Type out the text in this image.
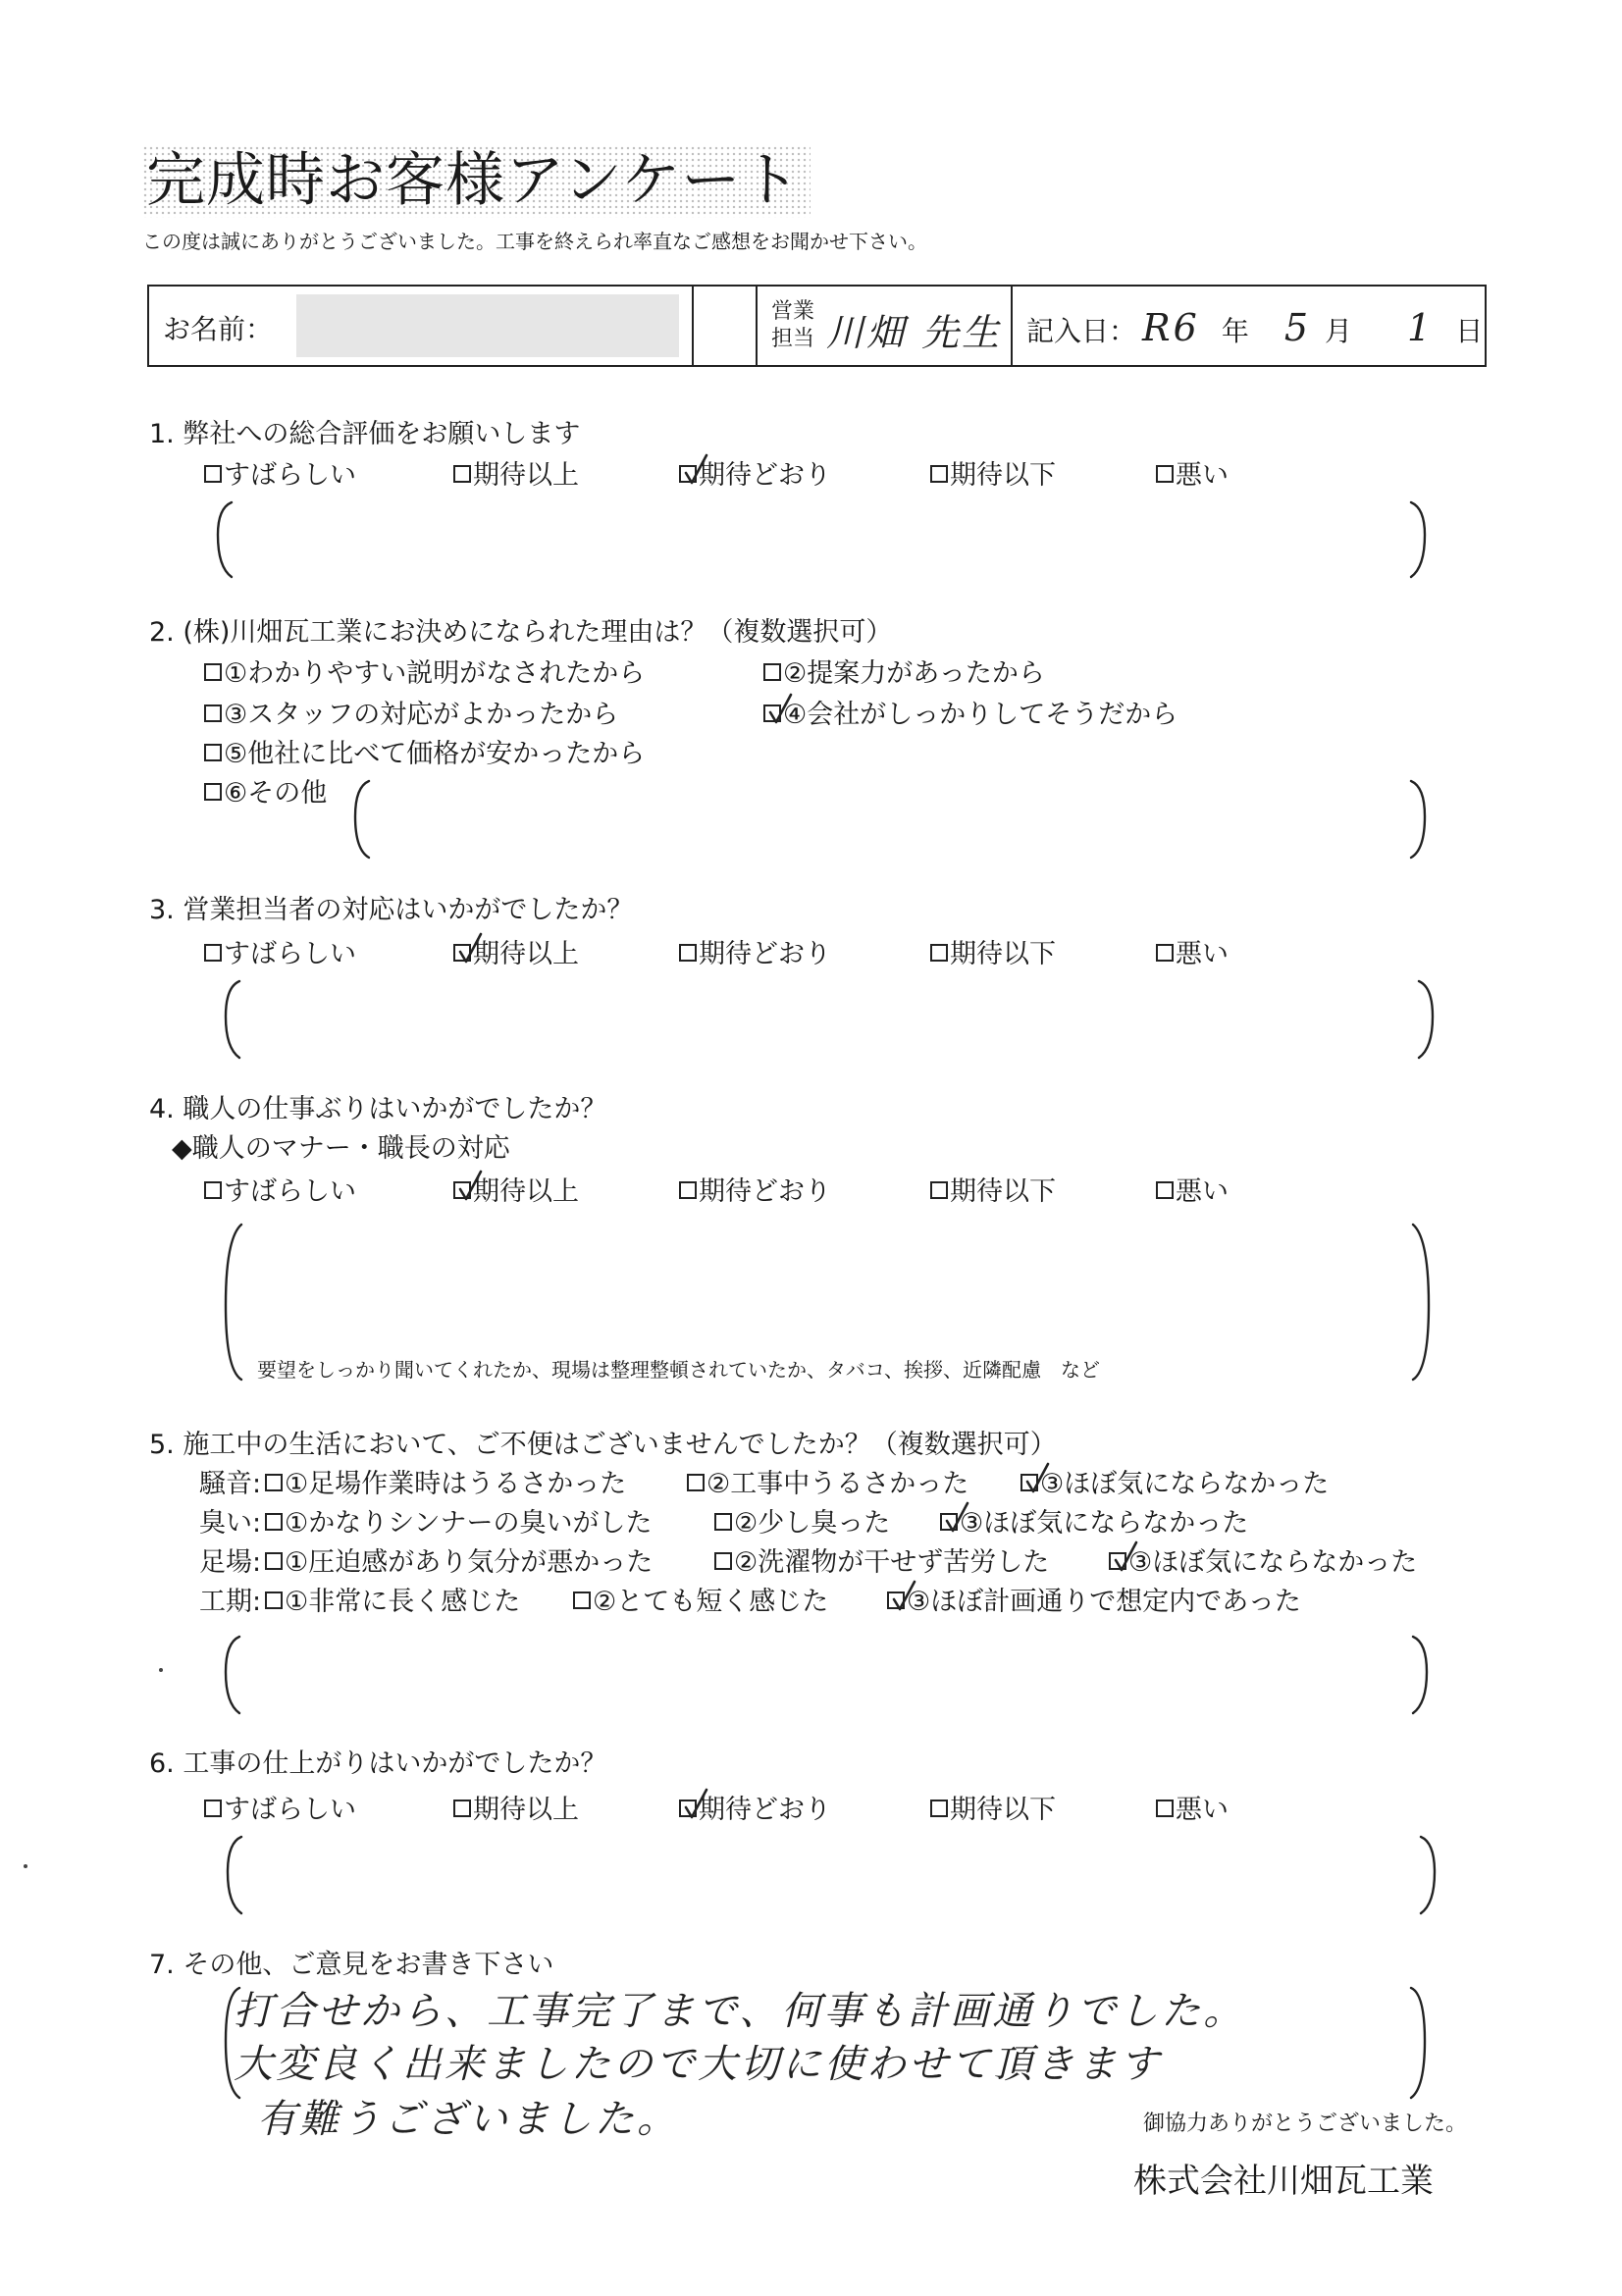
完成時お客様アンケート
この度は誠にありがとうございました。工事を終えられ率直なご感想をお聞かせ下さい。
お名前：
営業
担当 川畑 先生 記入日： R6 年 5 月 1 日
1. 弊社への総合評価をお願いします
すばらしい	期待以上	期待どおり	期待以下	悪い
2. (株)川畑瓦工業にお決めになられた理由は？（複数選択可）
①わかりやすい説明がなされたから	②提案力があったから
③スタッフの対応がよかったから	④会社がしっかりしてそうだから
⑤他社に比べて価格が安かったから
⑥その他
3. 営業担当者の対応はいかがでしたか？
すばらしい	期待以上	期待どおり	期待以下	悪い
4. 職人の仕事ぶりはいかがでしたか？
◆職人のマナー・職長の対応
すばらしい	期待以上	期待どおり	期待以下	悪い
要望をしっかり聞いてくれたか、現場は整理整頓されていたか、タバコ、挨拶、近隣配慮　など
5. 施工中の生活において、ご不便はございませんでしたか？（複数選択可）
騒音: ①足場作業時はうるさかった	②工事中うるさかった	③ほぼ気にならなかった
臭い: ①かなりシンナーの臭いがした	②少し臭った	③ほぼ気にならなかった
足場: ①圧迫感があり気分が悪かった	②洗濯物が干せず苦労した	③ほぼ気にならなかった
工期: ①非常に長く感じた	②とても短く感じた	③ほぼ計画通りで想定内であった
6. 工事の仕上がりはいかがでしたか？
すばらしい	期待以上	期待どおり	期待以下	悪い
7. その他、ご意見をお書き下さい
打合せから、工事完了まで、何事も計画通りでした。
大変良く出来ましたので大切に使わせて頂きます
有難うございました。	御協力ありがとうございました。
株式会社川畑瓦工業
